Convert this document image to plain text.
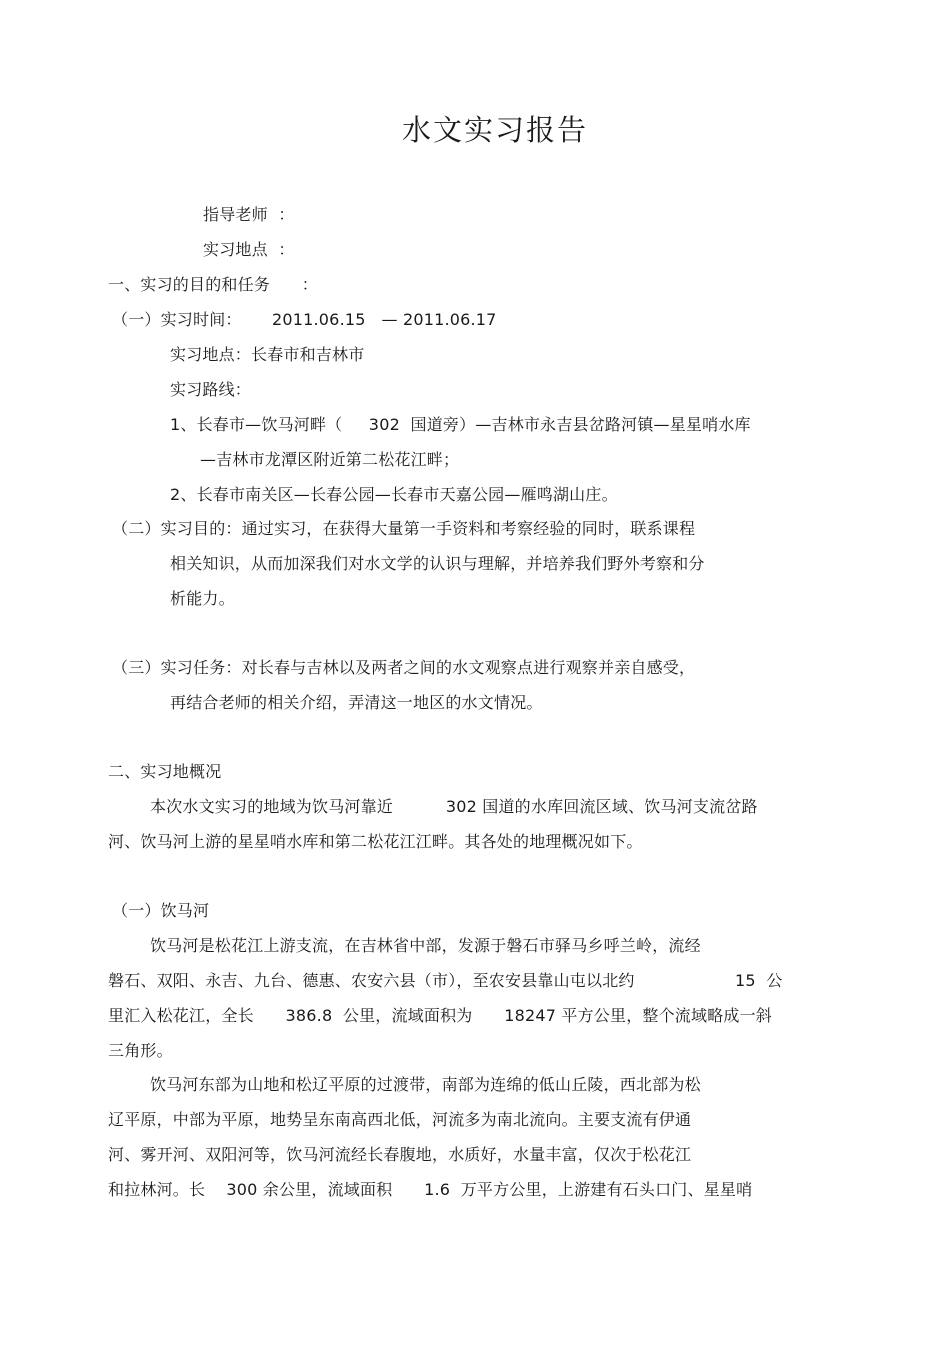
水文实习报告
指导老师  ：
实习地点  ：
一、实习的目的和任务      ：
（一）实习时间： 2011.06.15   — 2011.06.17
实习地点：长春市和吉林市
实习路线：
1、长春市—饮马河畔（     302  国道旁）—吉林市永吉县岔路河镇—星星哨水库
—吉林市龙潭区附近第二松花江畔；
2、长春市南关区—长春公园—长春市天嘉公园—雁鸣湖山庄。
（二）实习目的：通过实习，在获得大量第一手资料和考察经验的同时，联系课程
相关知识，从而加深我们对水文学的认识与理解，并培养我们野外考察和分
析能力。
（三）实习任务：对长春与吉林以及两者之间的水文观察点进行观察并亲自感受，
再结合老师的相关介绍，弄清这一地区的水文情况。
二、实习地概况
本次水文实习的地域为饮马河靠近          302 国道的水库回流区域、饮马河支流岔路
河、饮马河上游的星星哨水库和第二松花江江畔。其各处的地理概况如下。
（一）饮马河
饮马河是松花江上游支流，在吉林省中部，发源于磐石市驿马乡呼兰岭，流经
磐石、双阳、永吉、九台、德惠、农安六县（市），至农安县靠山屯以北约                   15  公
里汇入松花江，全长      386.8  公里，流域面积为      18247 平方公里，整个流域略成一斜
三角形。
饮马河东部为山地和松辽平原的过渡带，南部为连绵的低山丘陵，西北部为松
辽平原，中部为平原，地势呈东南高西北低，河流多为南北流向。主要支流有伊通
河、雾开河、双阳河等，饮马河流经长春腹地，水质好，水量丰富，仅次于松花江
和拉林河。长    300 余公里，流域面积      1.6  万平方公里，上游建有石头口门、星星哨
